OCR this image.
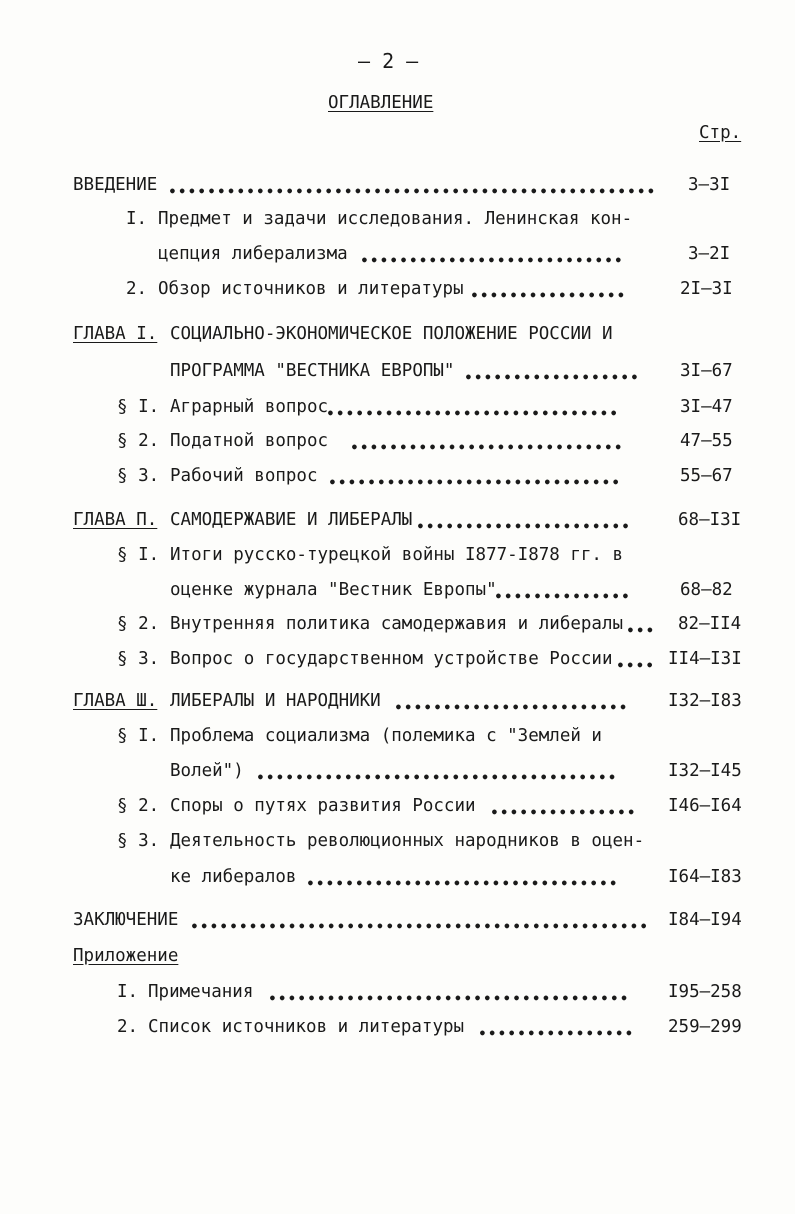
– 2 –
ОГЛАВЛЕНИЕ
Стр.
ВВЕДЕНИЕ ●●●●●●●●●●●●●●●●●●●●●●●●●●●●●●●●●●●●●●●●●●●●●●●●●● 3–3I
I. Предмет и задачи исследования. Ленинская кон-
цепция либерализма ●●●●●●●●●●●●●●●●●●●●●●●●●●●	3–2I
2. Обзор источников и литературы ●●●●●●●●●●●●●●●●	2I–3I
ГЛАВА I. СОЦИАЛЬНО-ЭКОНОМИЧЕСКОЕ ПОЛОЖЕНИЕ РОССИИ И
ПРОГРАММА "ВЕСТНИКА ЕВРОПЫ" ●●●●●●●●●●●●●●●●●● 3I–67
§ I. Аграрный вопрос ●●●●●●●●●●●●●●●●●●●●●●●●●●●●●●	3I–47
§ 2. Податной вопрос	●●●●●●●●●●●●●●●●●●●●●●●●●●●●	47–55
§ 3. Рабочий вопрос ●●●●●●●●●●●●●●●●●●●●●●●●●●●●●●	55–67
ГЛАВА П. САМОДЕРЖАВИЕ И ЛИБЕРАЛЫ ●●●●●●●●●●●●●●●●●●●●●●	68–I3I
§ I. Итоги русско-турецкой войны I877-I878 гг. в
оценке журнала "Вестник Европы" ●●●●●●●●●●●●●●	68–82
§ 2. Внутренняя политика самодержавия и либералы ●●● 82–II4
§ 3. Вопрос о государственном устройстве России ●●●● II4–I3I
ГЛАВА Ш. ЛИБЕРАЛЫ И НАРОДНИКИ ●●●●●●●●●●●●●●●●●●●●●●●● I32–I83
§ I. Проблема социализма (полемика с "Землей и
Волей") ●●●●●●●●●●●●●●●●●●●●●●●●●●●●●●●●●●●●●	I32–I45
§ 2. Споры о путях развития России ●●●●●●●●●●●●●●● I46–I64
§ 3. Деятельность революционных народников в оцен-
ке либералов ●●●●●●●●●●●●●●●●●●●●●●●●●●●●●●●●	I64–I83
ЗАКЛЮЧЕНИЕ ●●●●●●●●●●●●●●●●●●●●●●●●●●●●●●●●●●●●●●●●●●●●●●● I84–I94
Приложение
I. Примечания ●●●●●●●●●●●●●●●●●●●●●●●●●●●●●●●●●●●●● I95–258
2. Список источников и литературы ●●●●●●●●●●●●●●●● 259–299
